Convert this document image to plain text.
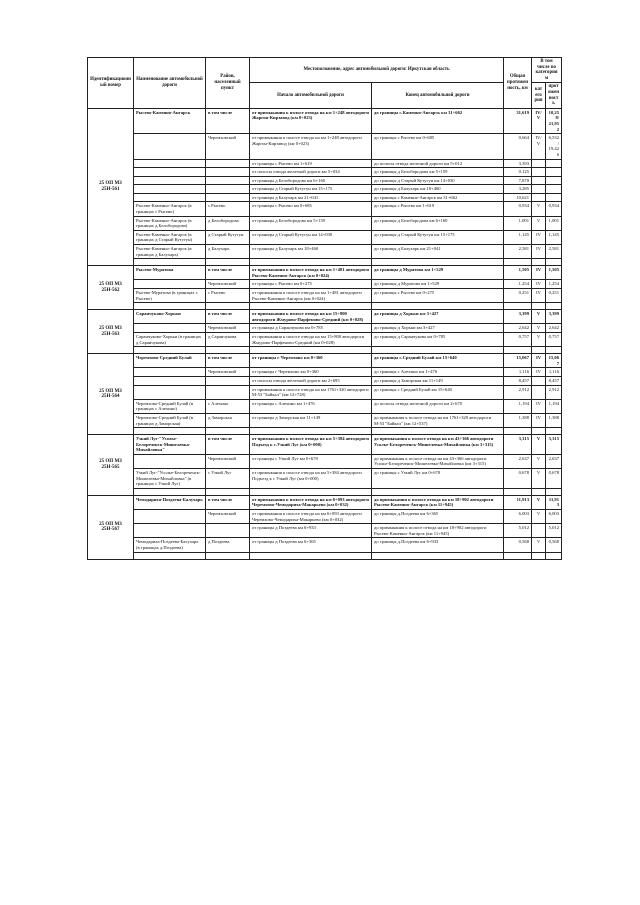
Идентификационный номер	Наименование автомобильной дороги	Район, населенный пункт	Местоположение, адрес автомобильной дороги: Иркутская область		Общая протяженность, км	В том числе по категориям	
			Начало автомобильной дороги	Конец автомобильной дороги		категория	протяженность

25 ОП МЗ 25Н-561	Рысево-Каменно-Ангарск	в том числе	от примыкания к полосе отвода на км 1+248 автодороги Жаргон-Кирзавод (км 0+023)	до границы с.Каменно-Ангарск км 31+662	31,619	IV/V	10,258/ 21,952
		Черемховский	от примыкания к полосе отвода на км 1+248 автодороги Жаргон-Кирзавод (км 0+023)	до границы с Рысево км 0+685	0,664	IV/V	6,532/ 19,426
			от границы с Рысево км 1+619	до полосы отвода железной дороги км 5+012	3,393		
			от полосы отвода железной дороги км 5+034	до границы д Белобородова км 5+159	0,125		
			от границы д Белобородова км 6+160	до границы д Старый Кутугун км 14+030	7,870		
			от границы д Старый Кутугун км 15+175	до границы д Балухарь км 18+460	3,285		
			от границы д Балухарь км 21+041	до границы с Каменно-Ангарск км 31+662	10,621		
	Рысево-Каменно-Ангарск (в границах с Рысево)	с Рысево	от границы с Рысево км 0+685	до границы с Рысево км 1+619	0,934	V	0,934
	Рысево-Каменно-Ангарск (в границах д.Белобородова)	д Белобородова	от границы д Белобородова км 5+159	до границы д Белобородова км 6+160	1,001	V	1,001
	Рысево-Каменно-Ангарск (в границах д Старый Кутугун)	д Старый Кутугун	от границы д Старый Кутугун км 14+030	до границы д Старый Кутугун км 15+175	1,145	IV	1,145
	Рысево-Каменно-Ангарск (в границах д Балухарь)	д Балухарь	от границы д Балухарь км 18+460	до границы д Балухарь км 21+041	2,581	IV	2,581

25 ОП МЗ 25Н-562	Рысево-Муратова	в том числе	от примыкания к полосе отвода на км 1+481 автодороги Рысево-Каменно-Ангарск (км 0+024)	до границы д Муратова км 1+529	1,505	IV	1,505
		Черемховский	от границы с Рысево км 0+275	до границы д Муратова км 1+529	1,254	IV	1,254
	Рысево-Муратова (в границах с Рысево)	с Рысево	от примыкания к полосе отвода на км 1+481 автодороги Рысево-Каменно-Ангарск (км 0+024)	до границы с Рысево км 0+275	0,251	IV	0,251

25 ОП МЗ 25Н-563	Саранчуково-Хорьки	в том числе	от примыкания к полосе отвода на км 15+800 автодороги Жмурово-Парфеново-Средний (км 0+028)	до границы д Хорьки км 3+427	3,399	V	3,399
		Черемховский	от границы д Саранчукова км 0+785	до границы д Хорьки км 3+427	2,642	V	2,642
	Саранчуково-Хорьки (в границах д Саранчукова)	д Саранчукова	от примыкания к полосе отвода на км 15+800 автодороги Жмурово-Парфеново-Средний (км 0+028)	до границы д Саранчукова км 0+785	0,757	V	0,757

25 ОП МЗ 25Н-564	Черемхово-Средний Булай	в том числе	от границы г Черемхово км 0+360	до границы с.Средний Булай км 15+640	15,067	IV	15,067
		Черемховский	от границы г Черемхово км 0+360	до границы с Алехино км 1+476	1,116	IV	1,116
			от полосы отвода железной дороги км 2+695	до границы д Заморская км 11+149	8,457		8,457
			от примыкания к полосе отвода на км 1761+320 автодороги М-53 "Байкал" (км 12+728)	до границы с Средний Булай км 15+640	2,912		2,912
	Черемхово-Средний Булай (в границах с Алехино)	с Алехино	от границы с Алехино км 1+476	до полосы отвода железной дороги км 2+670	1,194	IV	1,194
	Черемхово-Средний Булай (в границах д Заморская)	д Заморская	от границы д Заморская км 11+149	до примыкания к полосе отвода на км 1761+320 автодороги М-53 "Байкал" (км 12+537)	1,388	IV	1,388

25 ОП МЗ 25Н-565	Узкий Луг-"Усолье-Белореченск-Мишелевка-Михайловка"	в том числе	от примыкания к полосе отвода на км 5+384 автодороги Подъезд к с.Узкий Луг (км 0+000)	до примыкания к полосе отвода на км 43+366 автодороги Усолье-Белореченск-Мишелевка-Михайловка (км 3+315)	3,315	V	3,315
		Черемховский	от границы с Узкий Луг км 0+678	до примыкания к полосе отвода на км 43+366 автодороги Усолье-Белореченск-Мишелевка-Михайловка (км 3+315)	2,637	V	2,637
	Узкий Луг-"Усолье-Белореченск-Мишелевка-Михайловка" (в границах с Узкий Луг)	с Узкий Луг	от примыкания к полосе отвода на км 5+384 автодороги Подъезд к с Узкий Луг (км 0+000)	до границы с Узкий Луг км 0+678	0,678	V	0,678

25 ОП МЗ 25Н-567	Чемодариха-Поздеева-Балухарь	в том числе	от примыкания к полосе отвода на км 6+093 автодороги Черемхово-Чемодариха-Макарьево (км 0+032)	до примыкания к полосе отвода на км 18+902 автодороги Рысево-Каменно-Ангарск (км 11+945)	11,913	V	11,913
		Черемховский	от примыкания к полосе отвода на км 6+093 автодороги Черемхово-Чемодариха-Макарьево (км 0+032)	до границы д.Поздеева км 6+365	6,003	V	6,003
			от границы д Поздеева км 6+933	до примыкания к полосе отвода на км 18+902 автодороги Рысево-Каменно-Ангарск (км 11+945)	5,012		5,012
	Чемодариха-Поздеева-Балухарь (в границах д.Поздеева)	д Поздеева	от границы д Поздеева км 6+365	до границы д.Поздеева км 6+933	0,568	V	0,568
